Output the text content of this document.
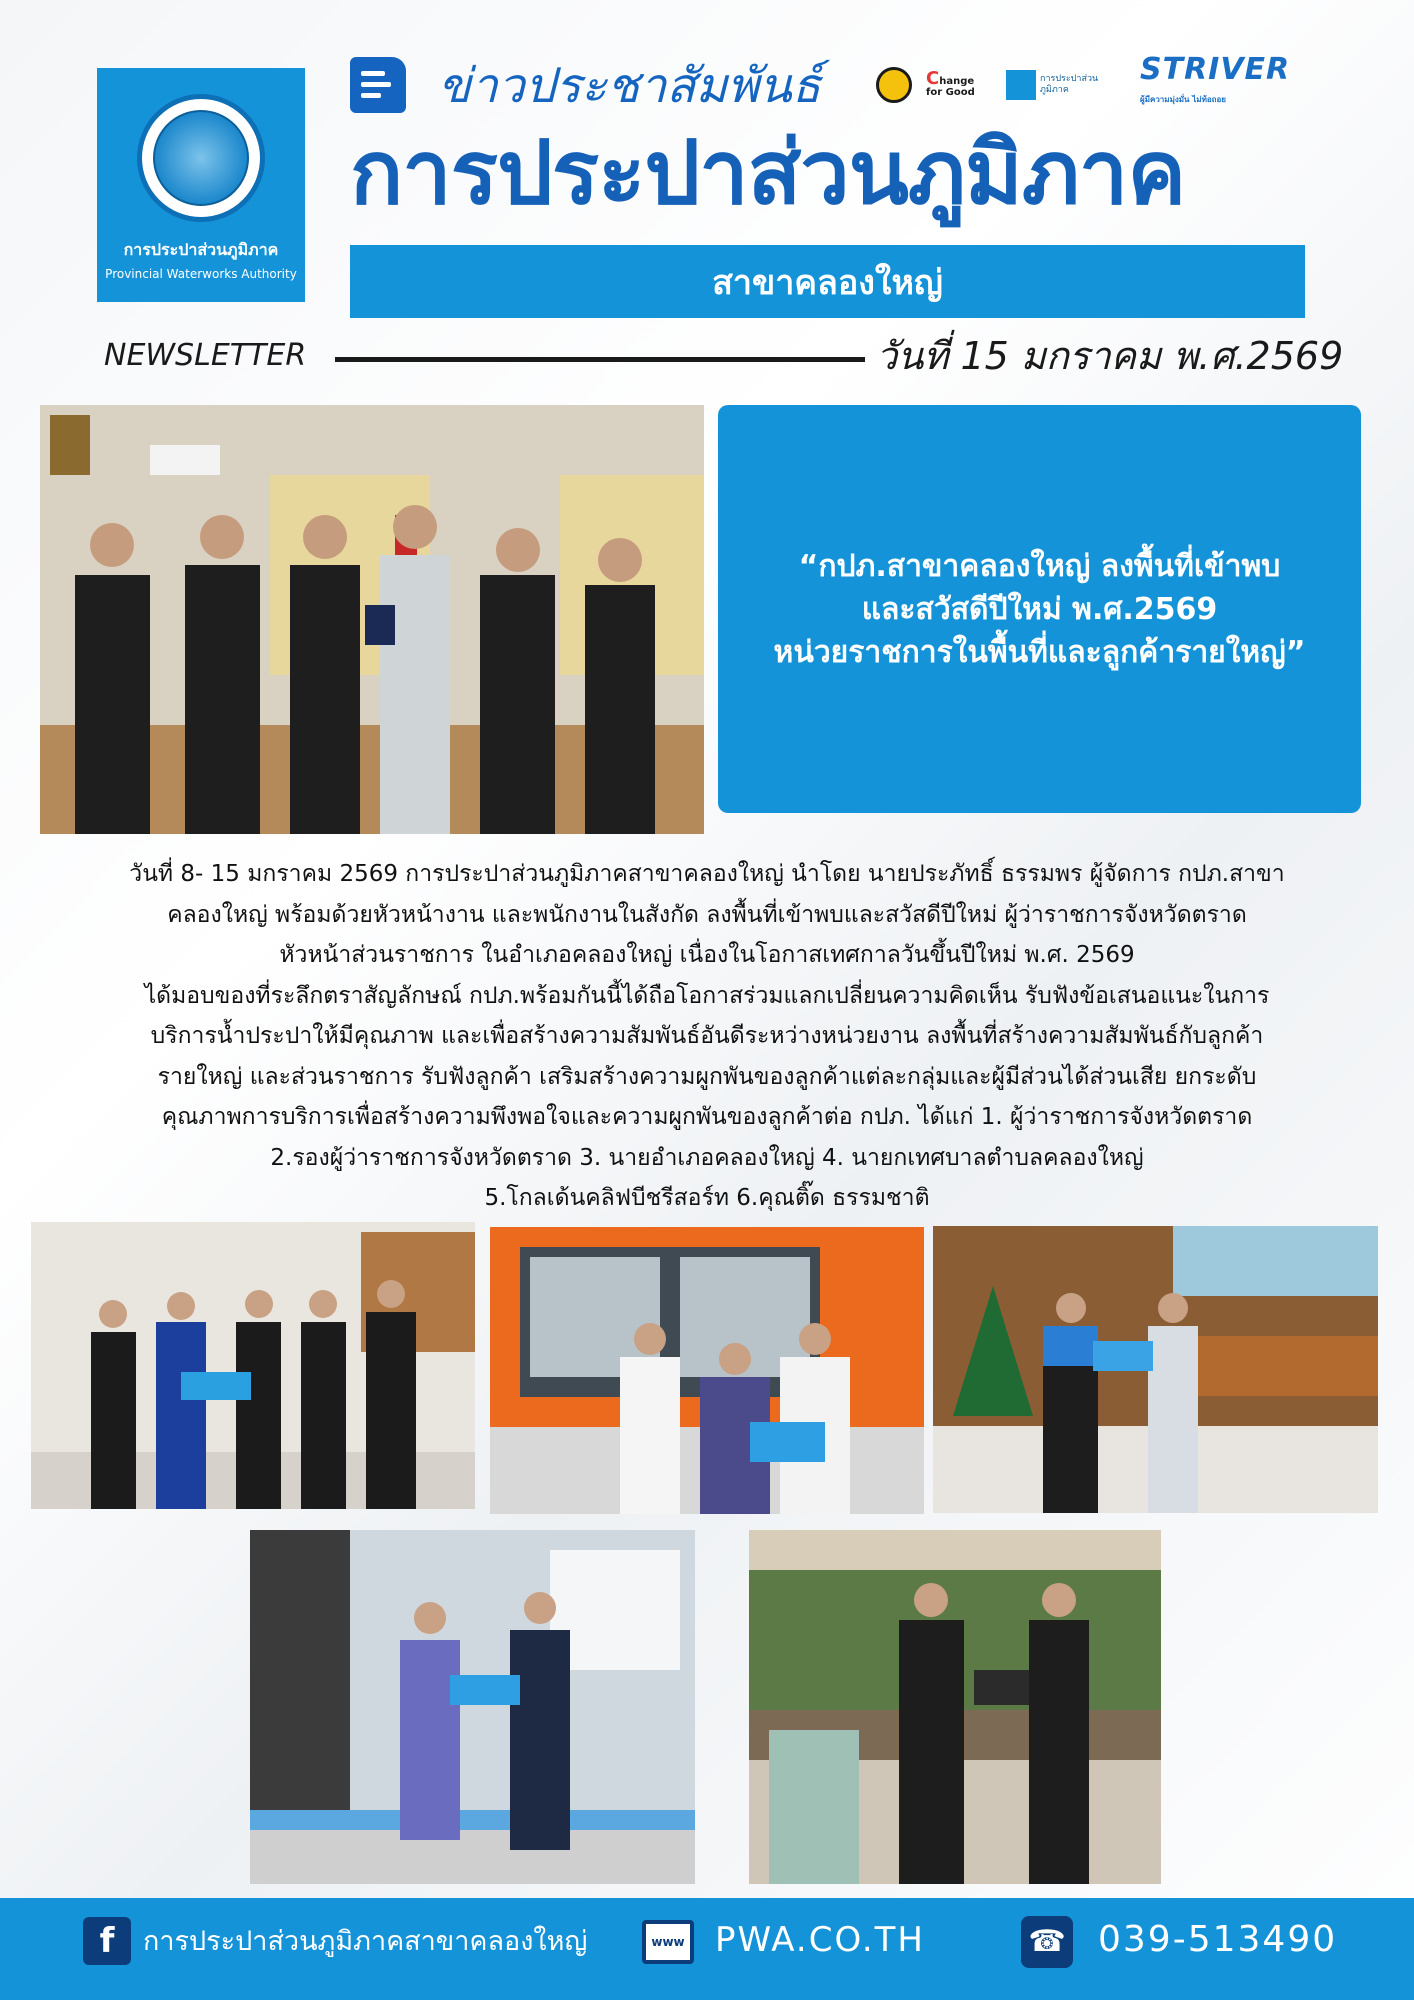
การประปาส่วนภูมิภาค
Provincial Waterworks Authority
ข่าวประชาสัมพันธ์	Change
for Good
การประปาส่วนภูมิภาค
STRIVER
ผู้มีความมุ่งมั่น ไม่ท้อถอย
การประปาส่วนภูมิภาค
สาขาคลองใหญ่
NEWSLETTER	วันที่ 15 มกราคม พ.ศ.2569
“กปภ.สาขาคลองใหญ่ ลงพื้นที่เข้าพบ
และสวัสดีปีใหม่ พ.ศ.2569
หน่วยราชการในพื้นที่และลูกค้ารายใหญ่”

วันที่ 8- 15 มกราคม 2569 การประปาส่วนภูมิภาคสาขาคลองใหญ่ นำโดย นายประภัทธิ์ ธรรมพร ผู้จัดการ กปภ.สาขา

คลองใหญ่ พร้อมด้วยหัวหน้างาน และพนักงานในสังกัด ลงพื้นที่เข้าพบและสวัสดีปีใหม่ ผู้ว่าราชการจังหวัดตราด

หัวหน้าส่วนราชการ ในอำเภอคลองใหญ่ เนื่องในโอกาสเทศกาลวันขึ้นปีใหม่ พ.ศ. 2569

ได้มอบของที่ระลึกตราสัญลักษณ์ กปภ.พร้อมกันนี้ได้ถือโอกาสร่วมแลกเปลี่ยนความคิดเห็น รับฟังข้อเสนอแนะในการ

บริการน้ำประปาให้มีคุณภาพ และเพื่อสร้างความสัมพันธ์อันดีระหว่างหน่วยงาน ลงพื้นที่สร้างความสัมพันธ์กับลูกค้า

รายใหญ่ และส่วนราชการ รับฟังลูกค้า เสริมสร้างความผูกพันของลูกค้าแต่ละกลุ่มและผู้มีส่วนได้ส่วนเสีย ยกระดับ

คุณภาพการบริการเพื่อสร้างความพึงพอใจและความผูกพันของลูกค้าต่อ กปภ. ได้แก่ 1. ผู้ว่าราชการจังหวัดตราด

2.รองผู้ว่าราชการจังหวัดตราด 3. นายอำเภอคลองใหญ่ 4. นายกเทศบาลตำบลคลองใหญ่

5.โกลเด้นคลิฟบีชรีสอร์ท 6.คุณติ๊ด ธรรมชาติ

f	การประปาส่วนภูมิภาคสาขาคลองใหญ่	www PWA.CO.TH	☎ 039-513490
